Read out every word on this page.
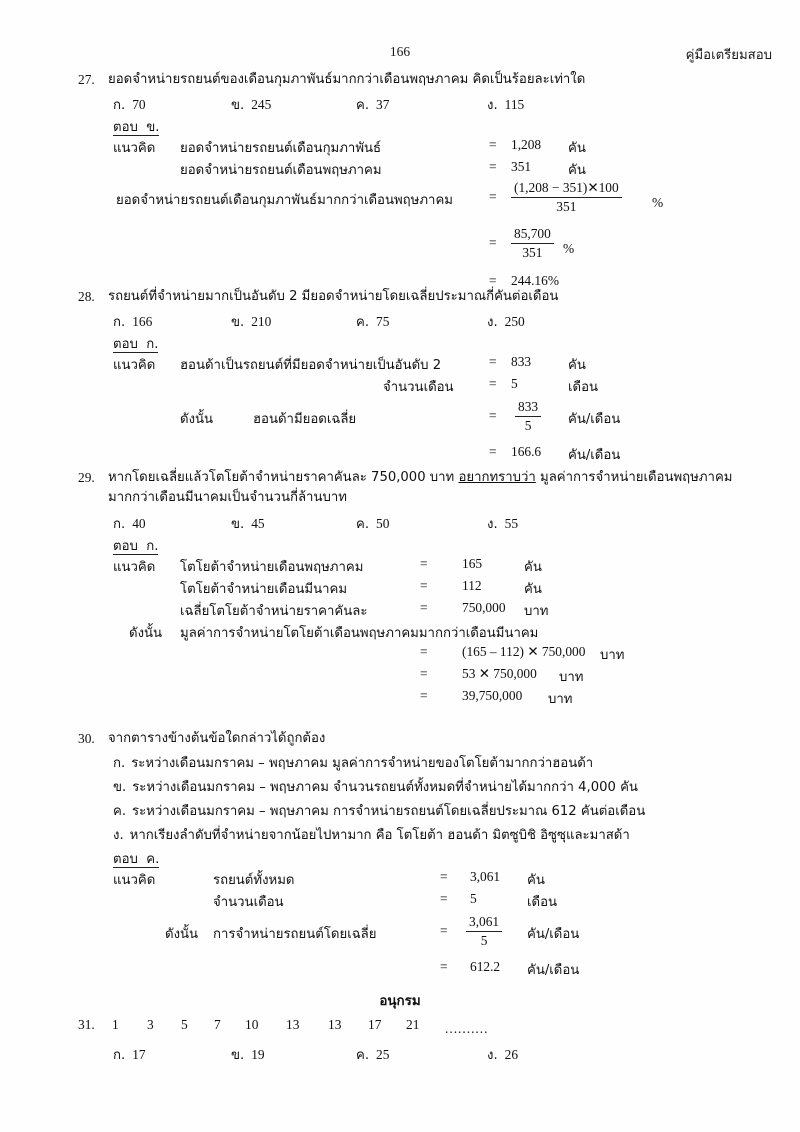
166	คู่มือเตรียมสอบ
27.	ยอดจำหน่ายรถยนต์ของเดือนกุมภาพันธ์มากกว่าเดือนพฤษภาคม คิดเป็นร้อยละเท่าใด
ก. 70	ข. 245	ค. 37	ง. 115
ตอบ ข.
แนวคิด ยอดจำหน่ายรถยนต์เดือนกุมภาพันธ์	= 1,208 คัน
ยอดจำหน่ายรถยนต์เดือนพฤษภาคม	= 351	คัน
ยอดจำหน่ายรถยนต์เดือนกุมภาพันธ์มากกว่าเดือนพฤษภาคม	=
(1,208 − 351)✕100
351	%
=
85,700
351	%
= 244.16%
28.	รถยนต์ที่จำหน่ายมากเป็นอันดับ 2 มียอดจำหน่ายโดยเฉลี่ยประมาณกี่คันต่อเดือน
ก. 166	ข. 210	ค. 75	ง. 250
ตอบ ก.
แนวคิด ฮอนด้าเป็นรถยนต์ที่มียอดจำหน่ายเป็นอันดับ 2	= 833	คัน
จำนวนเดือน	= 5	เดือน
ดังนั้น	ฮอนด้ามียอดเฉลี่ย	=
833
5	คัน/เดือน
= 166.6 คัน/เดือน
29.	หากโดยเฉลี่ยแล้วโตโยต้าจำหน่ายราคาคันละ 750,000 บาท อยากทราบว่า มูลค่าการจำหน่ายเดือนพฤษภาคม
มากกว่าเดือนมีนาคมเป็นจำนวนกี่ล้านบาท
ก. 40	ข. 45	ค. 50	ง. 55
ตอบ ก.
แนวคิด โตโยต้าจำหน่ายเดือนพฤษภาคม	=	165	คัน
โตโยต้าจำหน่ายเดือนมีนาคม	=	112	คัน
เฉลี่ยโตโยต้าจำหน่ายราคาคันละ	=	750,000 บาท
ดังนั้น มูลค่าการจำหน่ายโตโยต้าเดือนพฤษภาคมมากกว่าเดือนมีนาคม
=	(165 – 112) ✕ 750,000 บาท
=	53 ✕ 750,000 บาท
=	39,750,000 บาท
30.	จากตารางข้างต้นข้อใดกล่าวได้ถูกต้อง
ก. ระหว่างเดือนมกราคม – พฤษภาคม มูลค่าการจำหน่ายของโตโยต้ามากกว่าฮอนด้า
ข. ระหว่างเดือนมกราคม – พฤษภาคม จำนวนรถยนต์ทั้งหมดที่จำหน่ายได้มากกว่า 4,000 คัน
ค. ระหว่างเดือนมกราคม – พฤษภาคม การจำหน่ายรถยนต์โดยเฉลี่ยประมาณ 612 คันต่อเดือน
ง. หากเรียงลำดับที่จำหน่ายจากน้อยไปหามาก คือ โตโยต้า ฮอนด้า มิตซูบิชิ อิซูซุและมาสด้า
ตอบ ค.
แนวคิด	รถยนต์ทั้งหมด	= 3,061 คัน
จำนวนเดือน	= 5	เดือน
ดังนั้น การจำหน่ายรถยนต์โดยเฉลี่ย	=
3,061
5	คัน/เดือน
= 612.2 คัน/เดือน
อนุกรม
31. 1 3 5 7 10 13 13 17 21 ..........
ก. 17	ข. 19	ค. 25	ง. 26
